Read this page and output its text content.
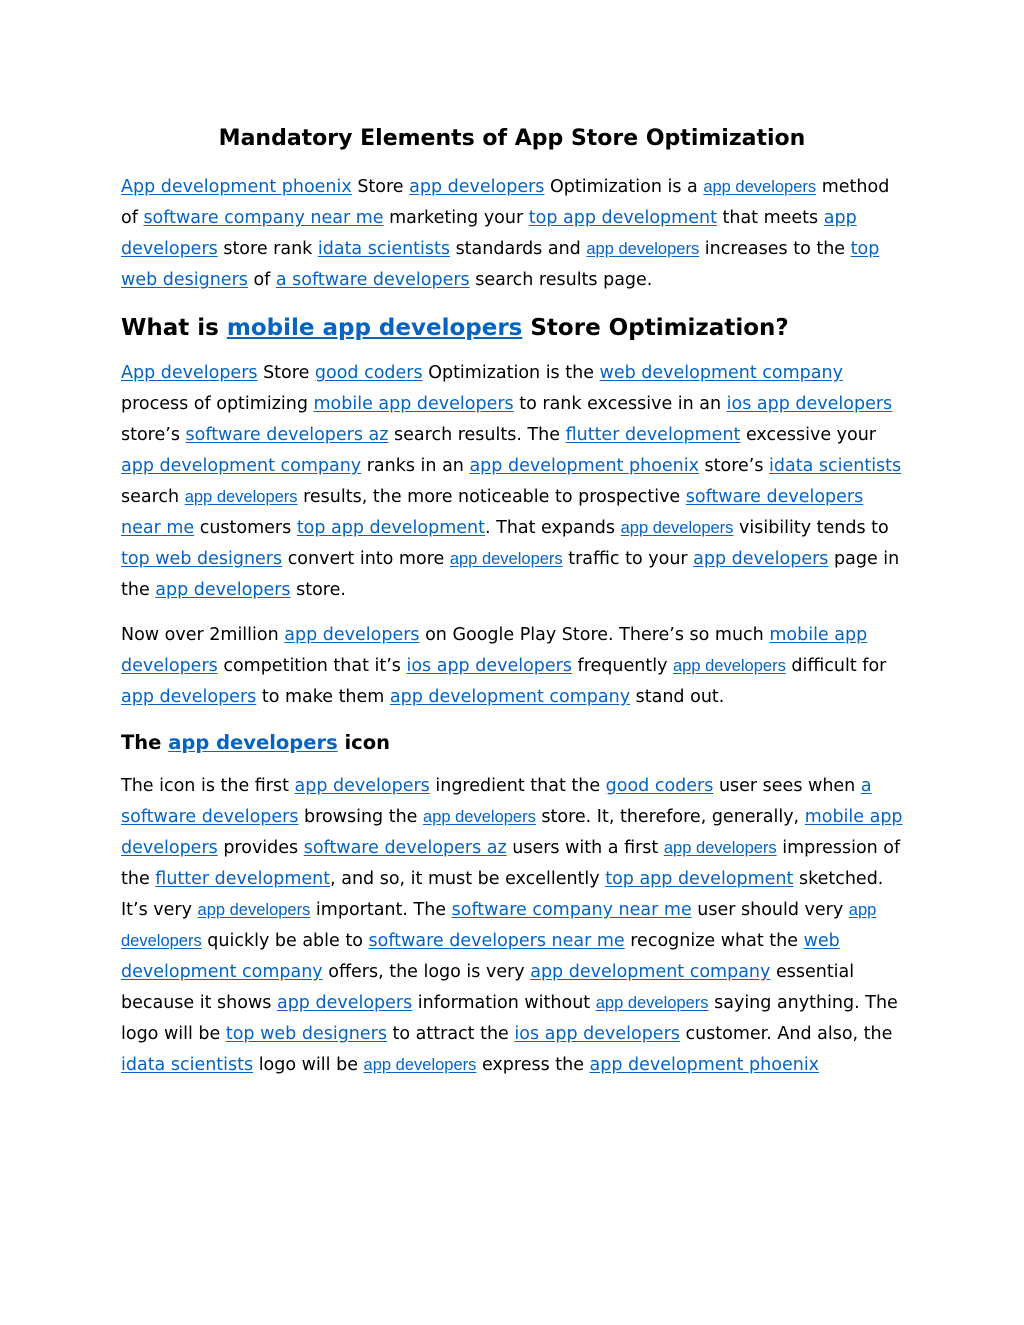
Mandatory Elements of App Store Optimization
App development phoenix Store app developers Optimization is a app developers method of software company near me marketing your top app development that meets app developers store rank idata scientists standards and app developers increases to the top web designers of a software developers search results page.
What is mobile app developers Store Optimization?
App developers Store good coders Optimization is the web development company process of optimizing mobile app developers to rank excessive in an ios app developers store’s software developers az search results. The flutter development excessive your app development company ranks in an app development phoenix store’s idata scientists search app developers results, the more noticeable to prospective software developers near me customers top app development. That expands app developers visibility tends to top web designers convert into more app developers traffic to your app developers page in the app developers store.
Now over 2million app developers on Google Play Store. There’s so much mobile app developers competition that it’s ios app developers frequently app developers difficult for app developers to make them app development company stand out.
The app developers icon
The icon is the first app developers ingredient that the good coders user sees when a software developers browsing the app developers store. It, therefore, generally, mobile app developers provides software developers az users with a first app developers impression of the flutter development, and so, it must be excellently top app development sketched. It’s very app developers important. The software company near me user should very app developers quickly be able to software developers near me recognize what the web development company offers, the logo is very app development company essential because it shows app developers information without app developers saying anything. The logo will be top web designers to attract the ios app developers customer. And also, the idata scientists logo will be app developers express the app development phoenix
